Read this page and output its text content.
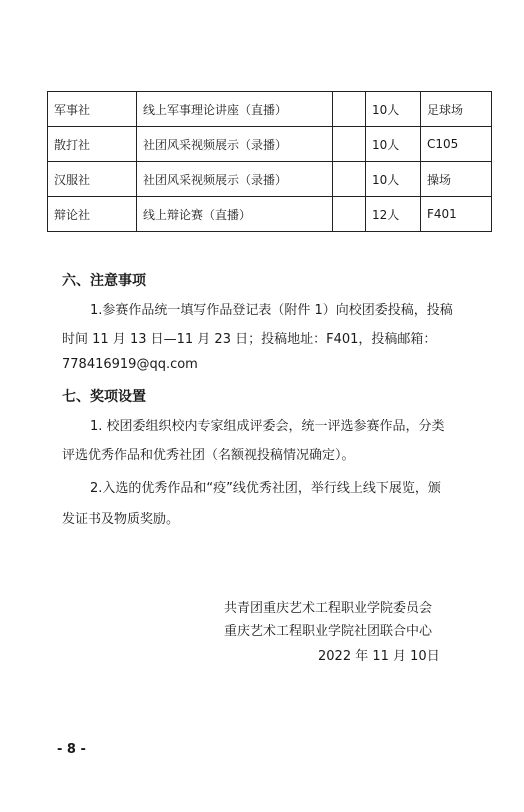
军事社	线上军事理论讲座（直播）		10人	足球场
散打社	社团风采视频展示（录播）		10人	C105
汉服社	社团风采视频展示（录播）		10人	操场
辩论社	线上辩论赛（直播）		12人	F401
六、注意事项
1.参赛作品统一填写作品登记表（附件 1）向校团委投稿，投稿
时间 11 月 13 日—11 月 23 日；投稿地址：F401，投稿邮箱：
778416919@qq.com
七、奖项设置
1. 校团委组织校内专家组成评委会，统一评选参赛作品，分类
评选优秀作品和优秀社团（名额视投稿情况确定）。
2.入选的优秀作品和“疫”线优秀社团，举行线上线下展览，颁
发证书及物质奖励。
共青团重庆艺术工程职业学院委员会
重庆艺术工程职业学院社团联合中心
2022 年 11 月 10日
- 8 -
